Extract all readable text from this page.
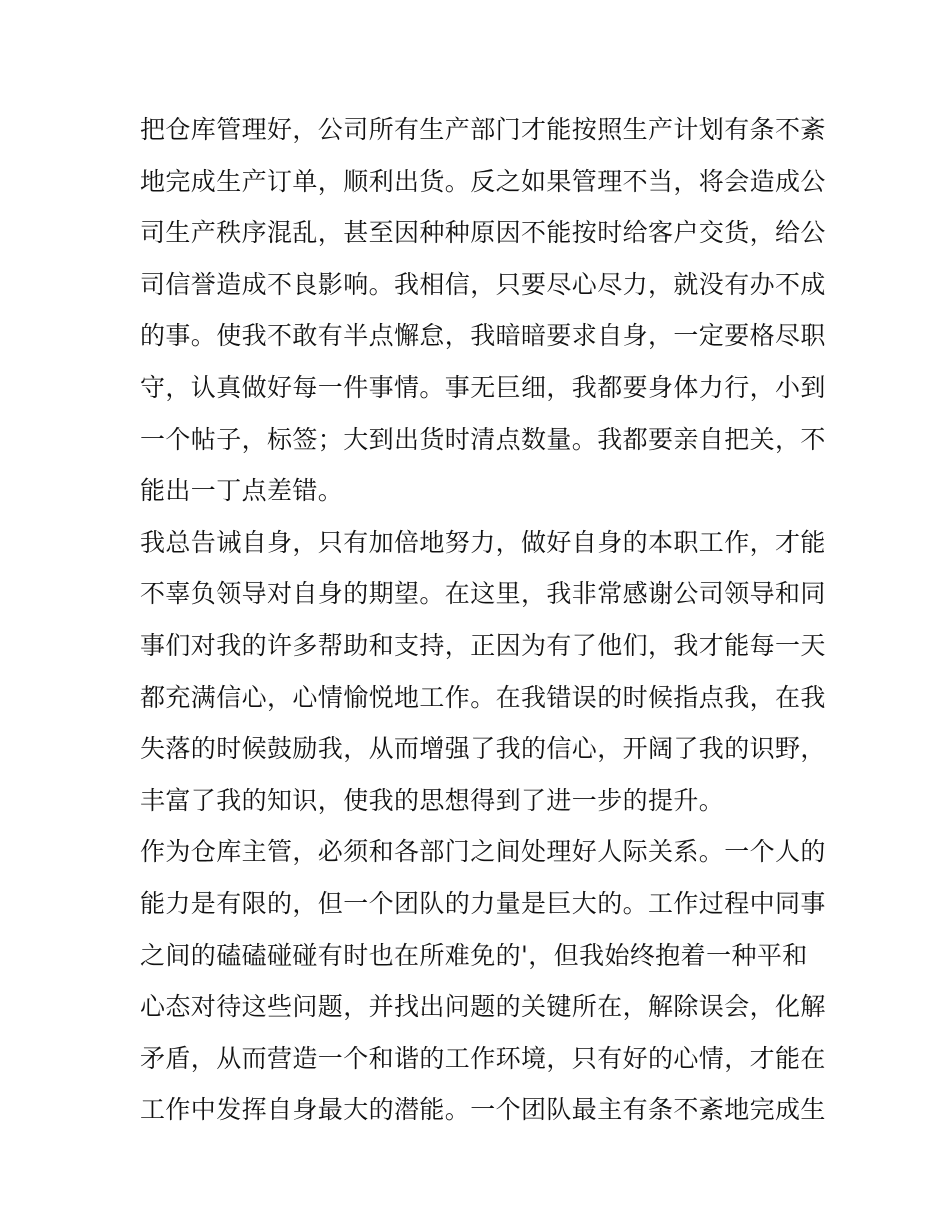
把仓库管理好，公司所有生产部门才能按照生产计划有条不紊
地完成生产订单，顺利出货。反之如果管理不当，将会造成公
司生产秩序混乱，甚至因种种原因不能按时给客户交货，给公
司信誉造成不良影响。我相信，只要尽心尽力，就没有办不成
的事。使我不敢有半点懈怠，我暗暗要求自身，一定要格尽职
守，认真做好每一件事情。事无巨细，我都要身体力行，小到
一个帖子，标签；大到出货时清点数量。我都要亲自把关，不
能出一丁点差错。
我总告诫自身，只有加倍地努力，做好自身的本职工作，才能
不辜负领导对自身的期望。在这里，我非常感谢公司领导和同
事们对我的许多帮助和支持，正因为有了他们，我才能每一天
都充满信心，心情愉悦地工作。在我错误的时候指点我，在我
失落的时候鼓励我，从而增强了我的信心，开阔了我的识野，
丰富了我的知识，使我的思想得到了进一步的提升。
作为仓库主管，必须和各部门之间处理好人际关系。一个人的
能力是有限的，但一个团队的力量是巨大的。工作过程中同事
之间的磕磕碰碰有时也在所难免的'，但我始终抱着一种平和
心态对待这些问题，并找出问题的关键所在，解除误会，化解
矛盾，从而营造一个和谐的工作环境，只有好的心情，才能在
工作中发挥自身最大的潜能。一个团队最主有条不紊地完成生
